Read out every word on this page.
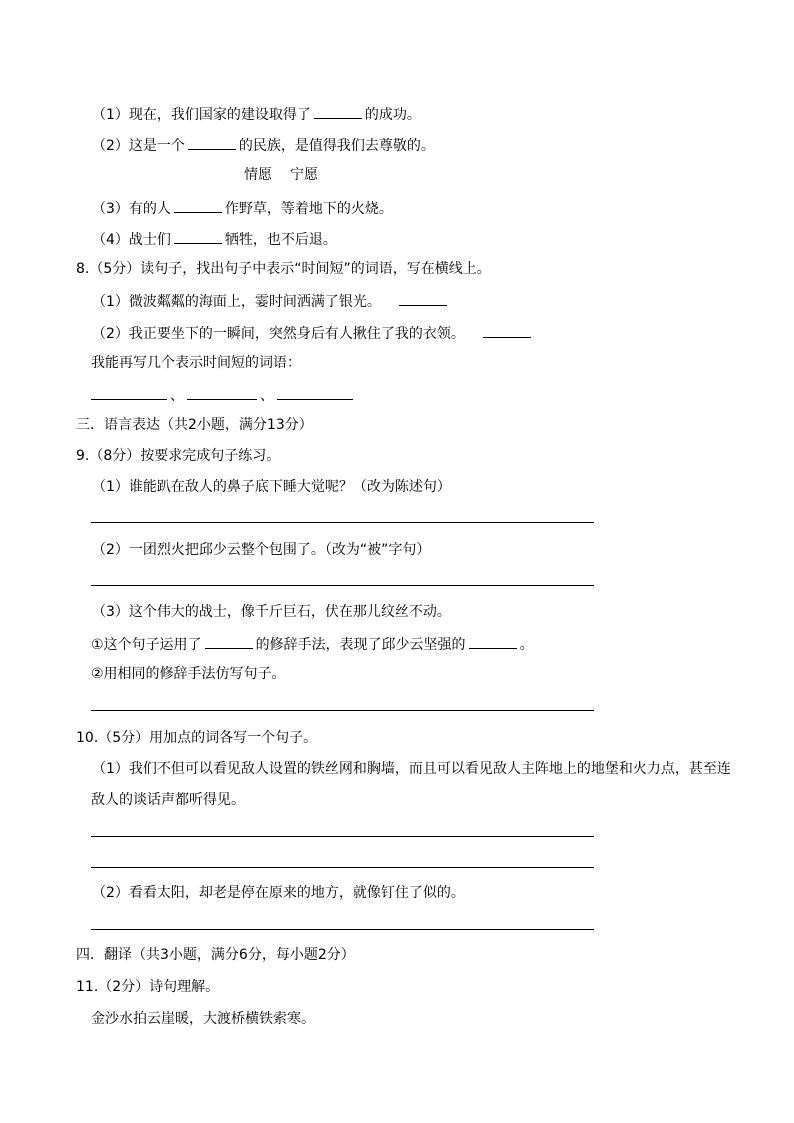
（1）现在，我们国家的建设取得了	的成功。
（2）这是一个	的民族，是值得我们去尊敬的。
情愿 宁愿
（3）有的人	作野草，等着地下的火烧。
（4）战士们	牺牲，也不后退。
8.（5分）读句子，找出句子中表示“时间短”的词语，写在横线上。
（1）微波粼粼的海面上，霎时间洒满了银光。
（2）我正要坐下的一瞬间，突然身后有人揪住了我的衣领。
我能再写几个表示时间短的词语：
、	、
三．语言表达（共2小题，满分13分）
9.（8分）按要求完成句子练习。
（1）谁能趴在敌人的鼻子底下睡大觉呢？（改为陈述句）
（2）一团烈火把邱少云整个包围了。（改为“被”字句）
（3）这个伟大的战士，像千斤巨石，伏在那儿纹丝不动。
①这个句子运用了	的修辞手法，表现了邱少云坚强的	。
②用相同的修辞手法仿写句子。
10.（5分）用加点的词各写一个句子。
（1）我们不但可以看见敌人设置的铁丝网和胸墙，而且可以看见敌人主阵地上的地堡和火力点，甚至连
敌人的谈话声都听得见。
（2）看看太阳，却老是停在原来的地方，就像钉住了似的。
四．翻译（共3小题，满分6分，每小题2分）
11.（2分）诗句理解。
金沙水拍云崖暖，大渡桥横铁索寒。
